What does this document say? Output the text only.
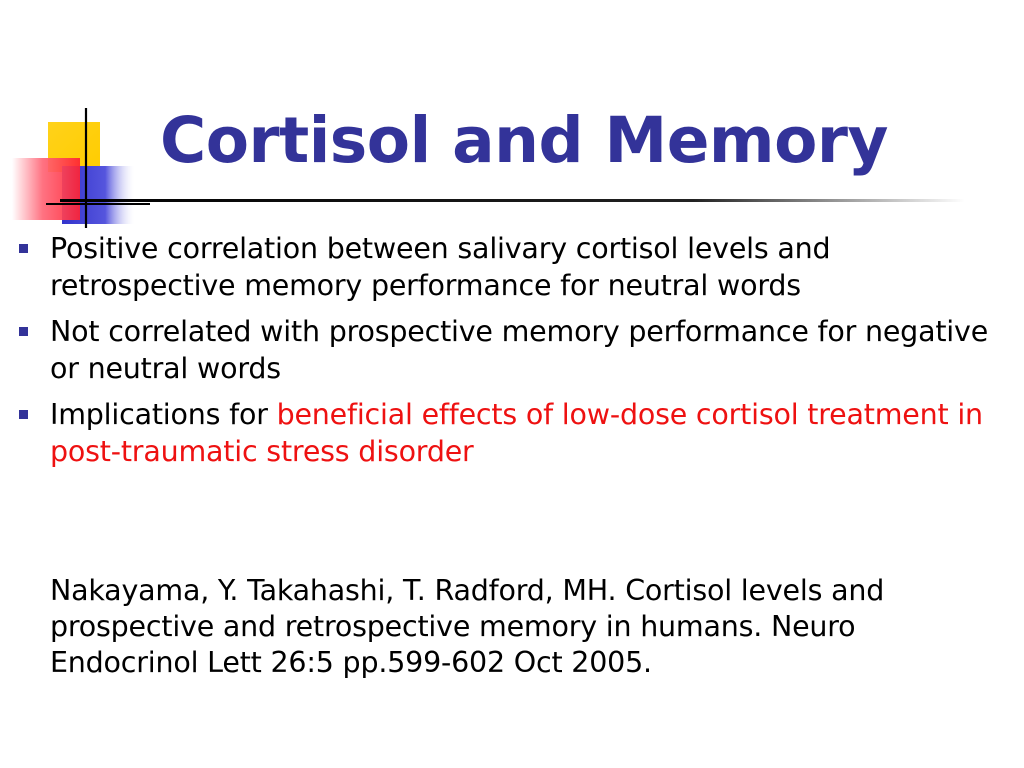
Cortisol and Memory
Positive correlation between salivary cortisol levels and retrospective memory performance for neutral words
Not correlated with prospective memory performance for negative or neutral words
Implications for beneficial effects of low-dose cortisol treatment in post-traumatic stress disorder

Nakayama, Y. Takahashi, T. Radford, MH. Cortisol levels and prospective and retrospective memory in humans. Neuro Endocrinol Lett 26:5 pp.599-602 Oct 2005.
